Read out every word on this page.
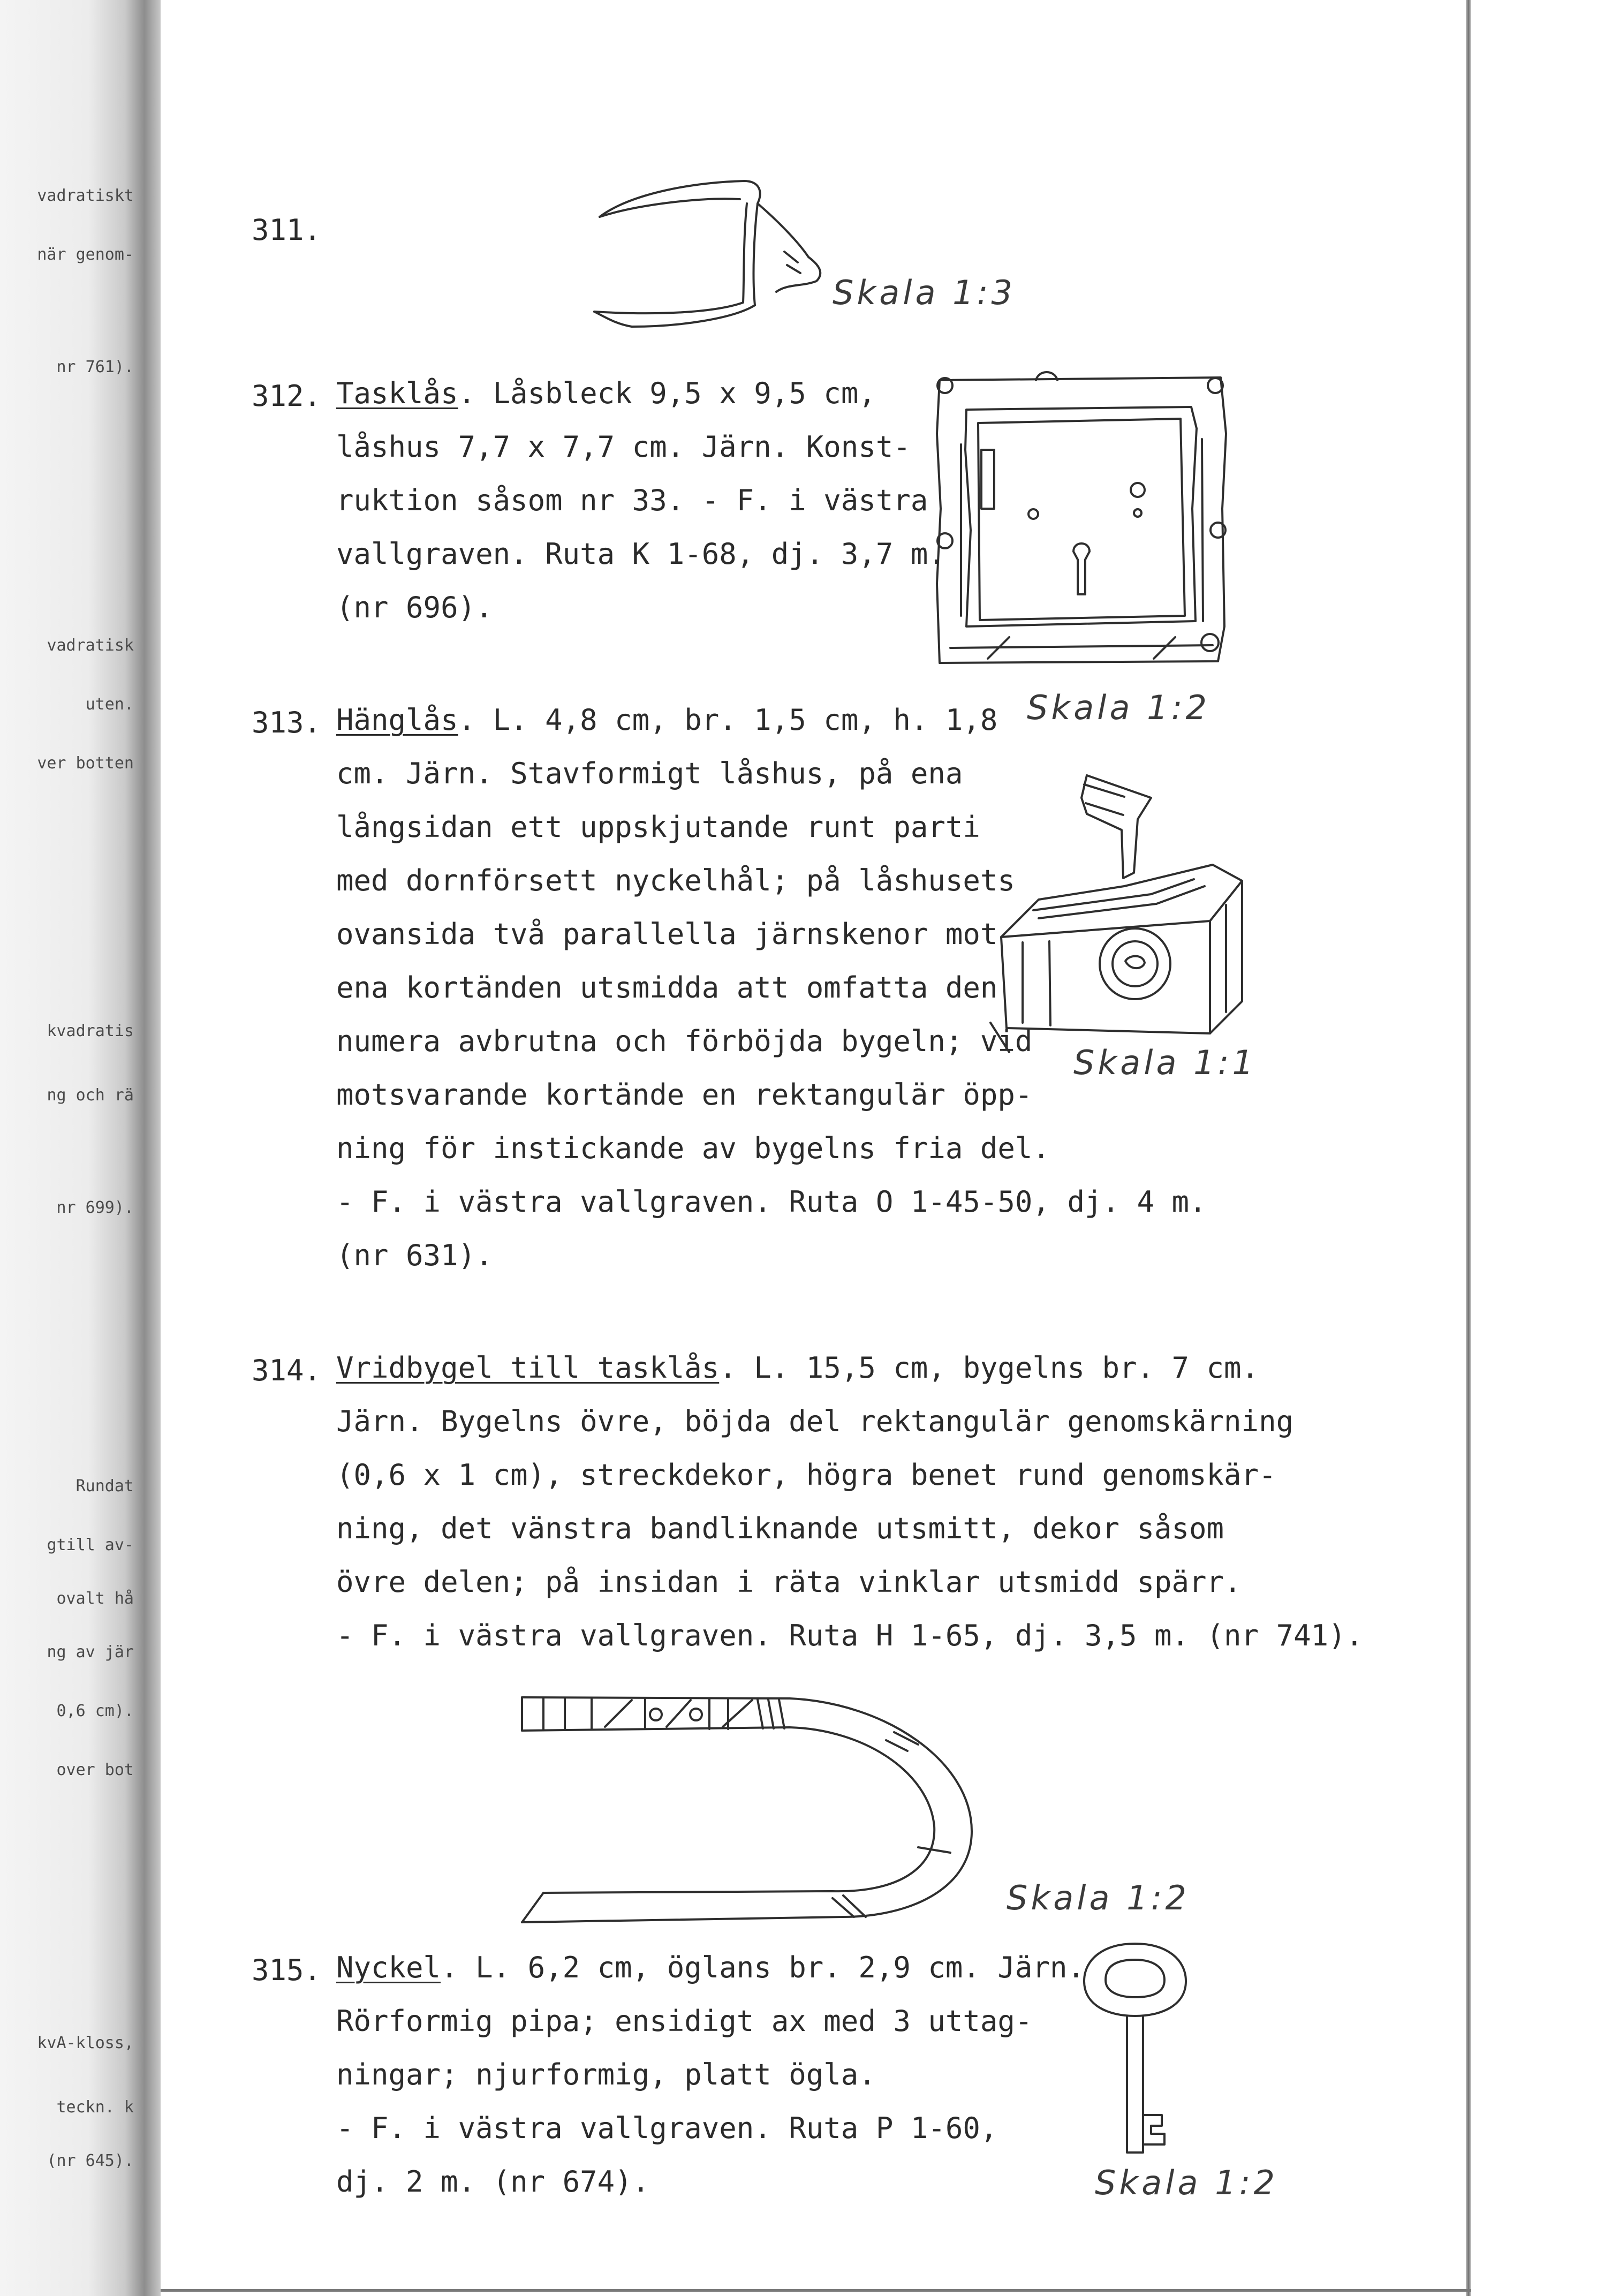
vadratiskt
när genom-
nr 761).
vadratisk
uten.
ver botten
kvadratis
ng och rä
nr 699).
Rundat
gtill av-
ovalt hå
ng av jär
0,6 cm).
over bot
kvA-kloss,
teckn. k
(nr 645).
311.
Skala 1:3
312. Tasklås. Låsbleck 9,5 x 9,5 cm,
låshus 7,7 x 7,7 cm. Järn. Konst-
ruktion såsom nr 33. - F. i västra
vallgraven. Ruta K 1-68, dj. 3,7 m.
(nr 696).
Skala 1:2
313. Hänglås. L. 4,8 cm, br. 1,5 cm, h. 1,8
cm. Järn. Stavformigt låshus, på ena
långsidan ett uppskjutande runt parti
med dornförsett nyckelhål; på låshusets
ovansida två parallella järnskenor mot
ena kortänden utsmidda att omfatta den
numera avbrutna och förböjda bygeln; vid
motsvarande kortände en rektangulär öpp-
ning för instickande av bygelns fria del.
- F. i västra vallgraven. Ruta O 1-45-50, dj. 4 m.
(nr 631).
Skala 1:1
314. Vridbygel till tasklås. L. 15,5 cm, bygelns br. 7 cm.
Järn. Bygelns övre, böjda del rektangulär genomskärning
(0,6 x 1 cm), streckdekor, högra benet rund genomskär-
ning, det vänstra bandliknande utsmitt, dekor såsom
övre delen; på insidan i räta vinklar utsmidd spärr.
- F. i västra vallgraven. Ruta H 1-65, dj. 3,5 m. (nr 741).
Skala 1:2
315. Nyckel. L. 6,2 cm, öglans br. 2,9 cm. Järn.
Rörformig pipa; ensidigt ax med 3 uttag-
ningar; njurformig, platt ögla.
- F. i västra vallgraven. Ruta P 1-60,
dj. 2 m. (nr 674).	Skala 1:2
